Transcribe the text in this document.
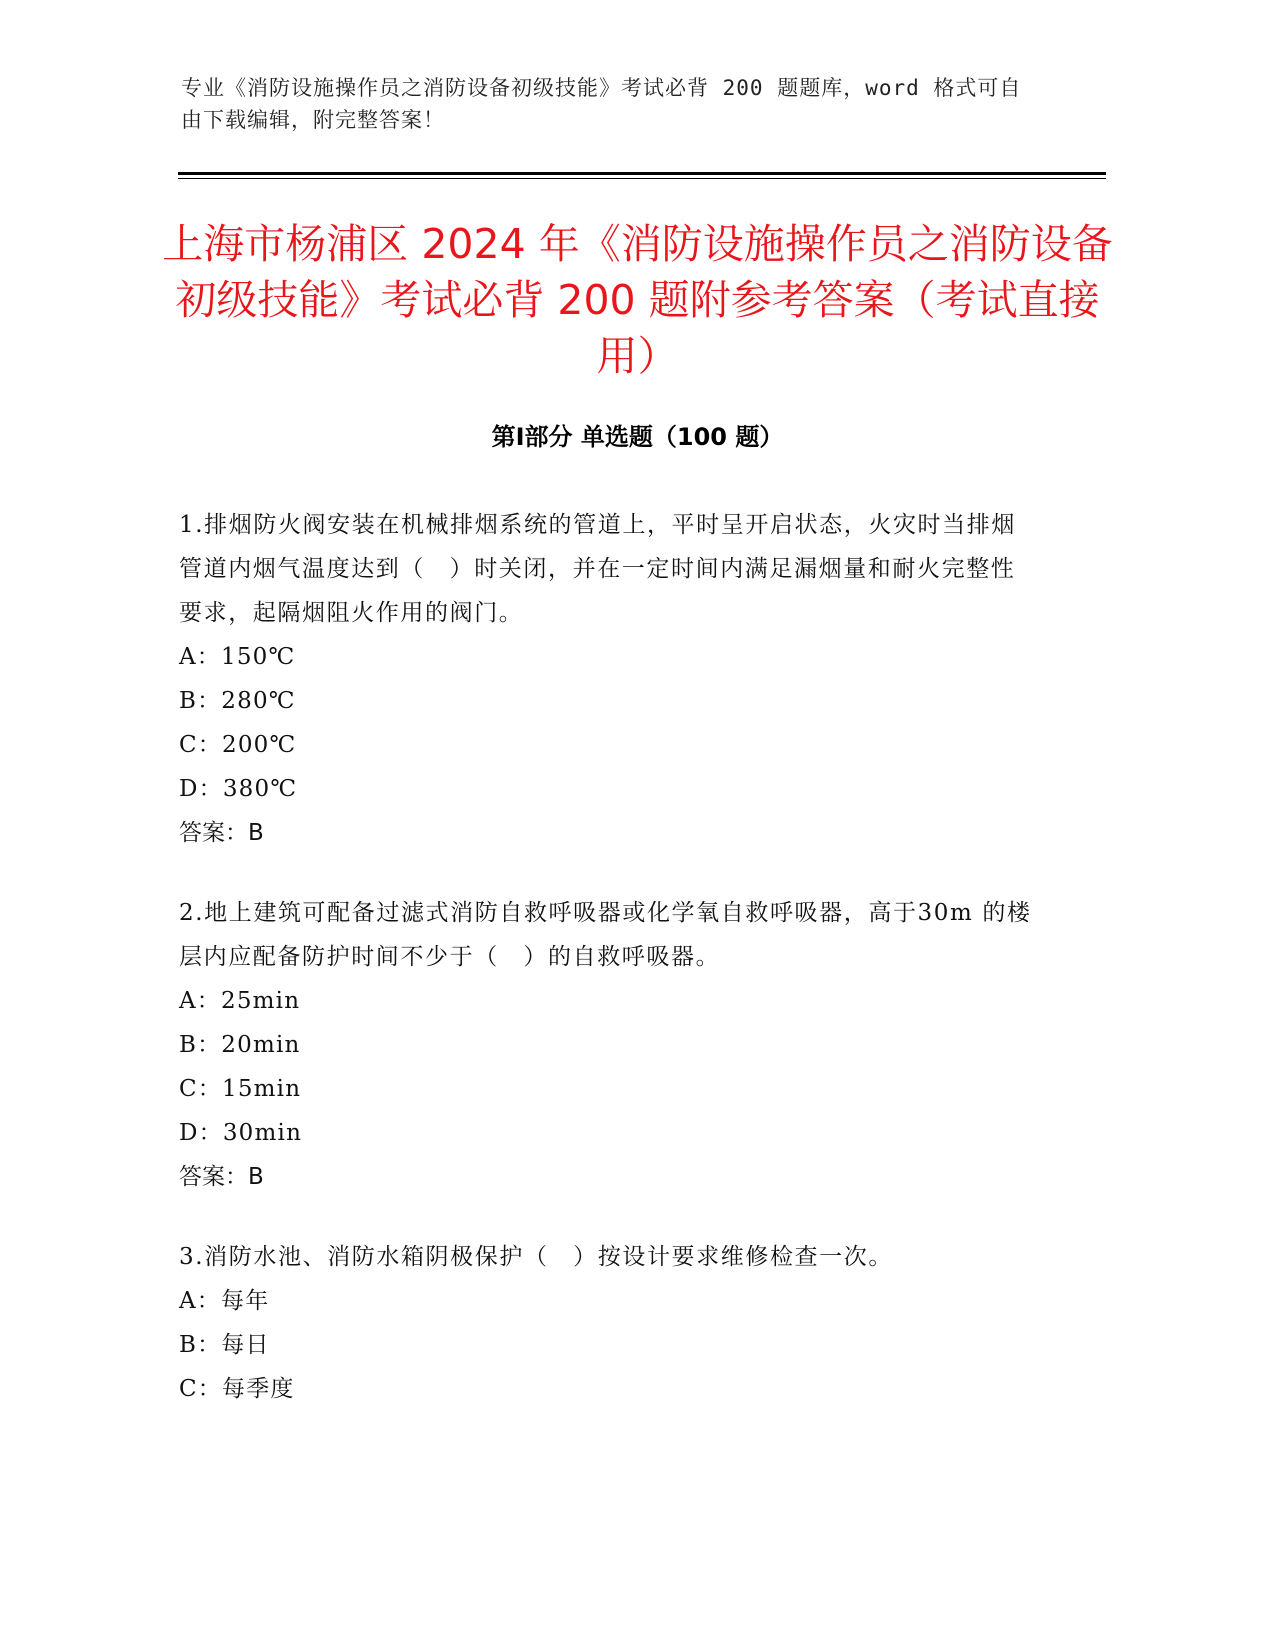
专业《消防设施操作员之消防设备初级技能》考试必背 200 题题库，word 格式可自由下载编辑，附完整答案！
上海市杨浦区 2024 年《消防设施操作员之消防设备初级技能》考试必背 200 题附参考答案（考试直接用）
第Ⅰ部分 单选题（100 题）

1.排烟防火阀安装在机械排烟系统的管道上，平时呈开启状态，火灾时当排烟管道内烟气温度达到（　）时关闭，并在一定时间内满足漏烟量和耐火完整性要求，起隔烟阻火作用的阀门。

A：150℃

B：280℃

C：200℃

D：380℃

答案：B

2.地上建筑可配备过滤式消防自救呼吸器或化学氧自救呼吸器，高于30m 的楼层内应配备防护时间不少于（　）的自救呼吸器。

A：25min

B：20min

C：15min

D：30min

答案：B

3.消防水池、消防水箱阴极保护（　）按设计要求维修检查一次。

A：每年

B：每日

C：每季度
